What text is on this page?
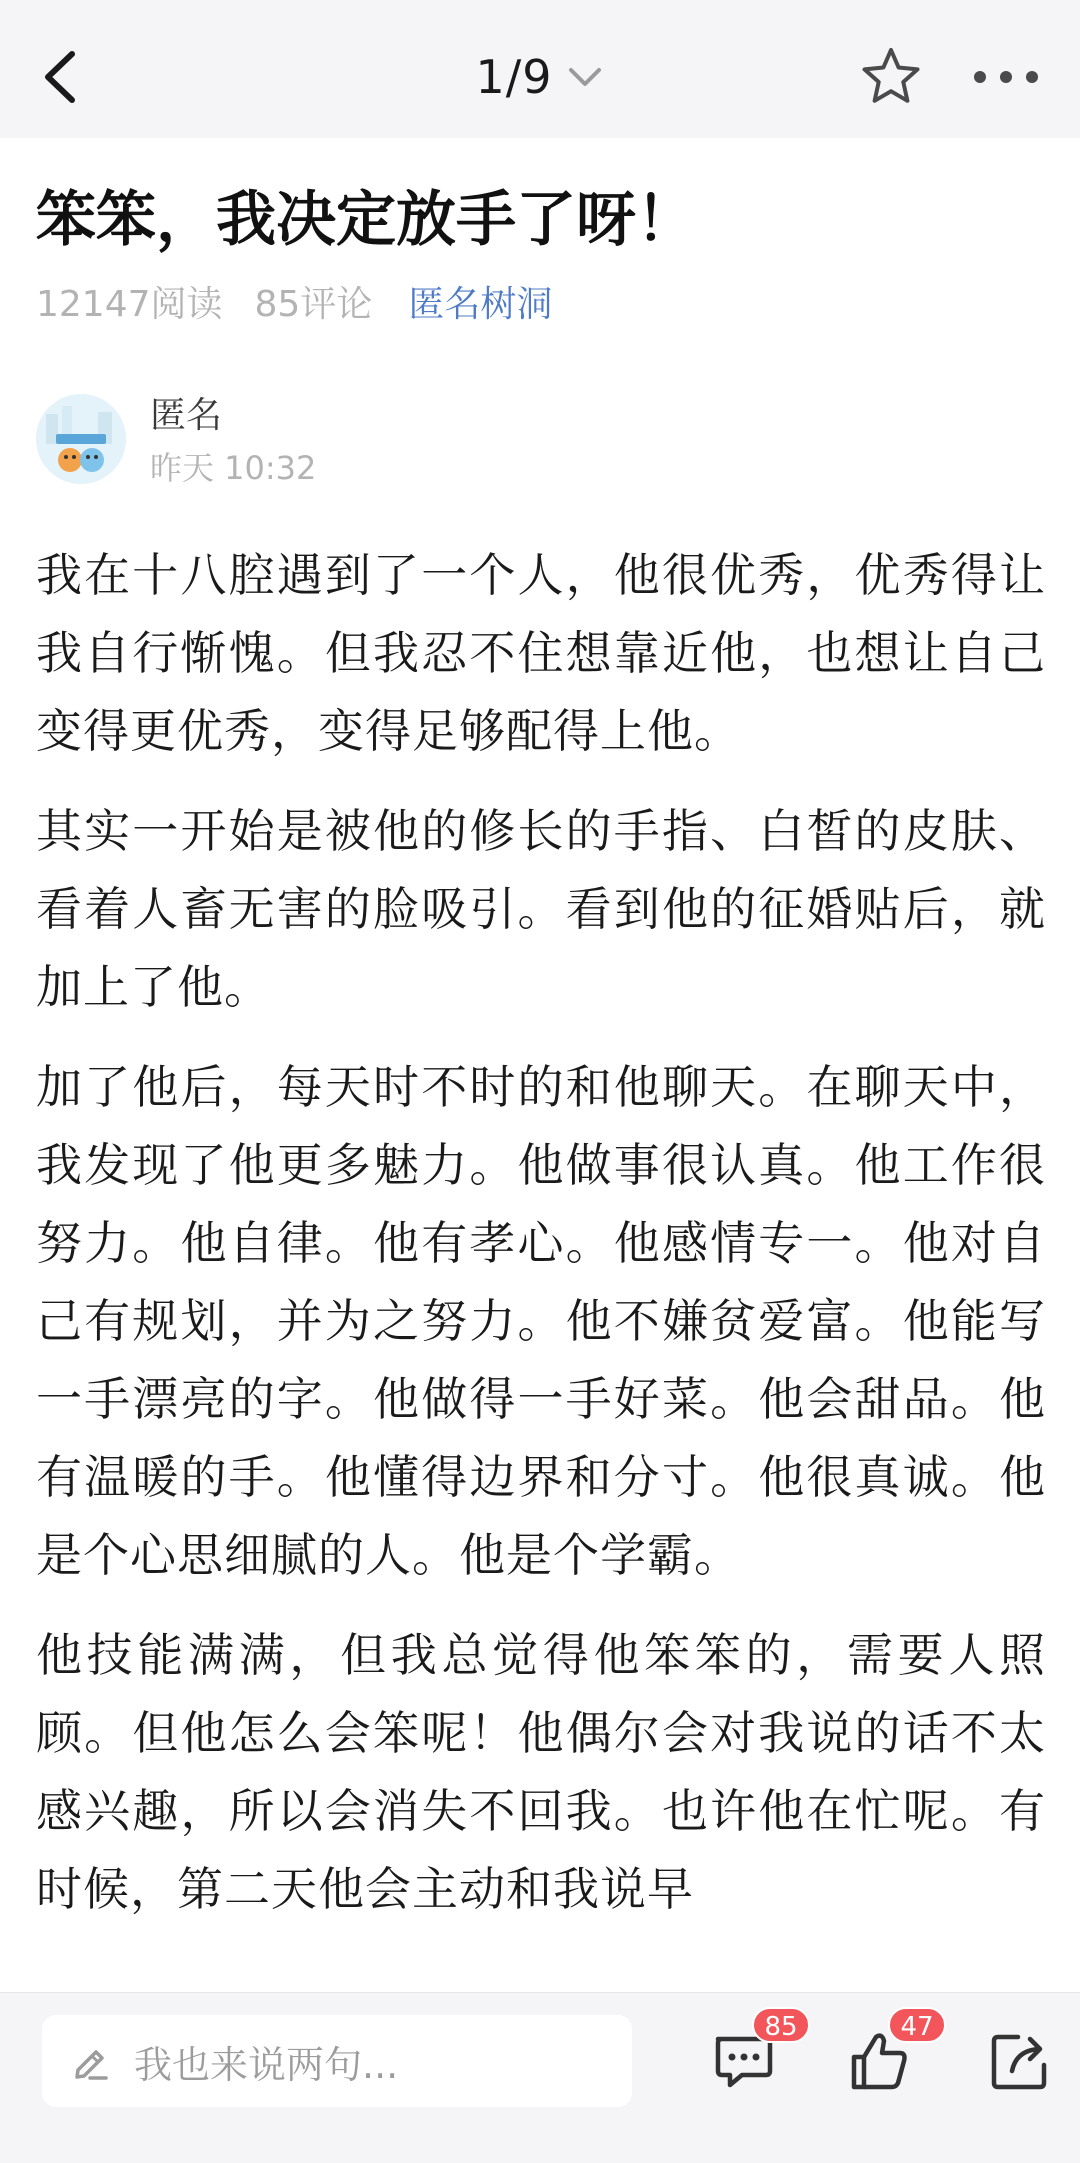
1/9
笨笨，我决定放手了呀！
12147阅读 85评论 匿名树洞
匿名
昨天 10:32

我在十八腔遇到了一个人，他很优秀，优秀得让我自行惭愧。但我忍不住想靠近他，也想让自己变得更优秀，变得足够配得上他。

其实一开始是被他的修长的手指、白皙的皮肤、看着人畜无害的脸吸引。看到他的征婚贴后，就加上了他。

加了他后，每天时不时的和他聊天。在聊天中，我发现了他更多魅力。他做事很认真。他工作很努力。他自律。他有孝心。他感情专一。他对自己有规划，并为之努力。他不嫌贫爱富。他能写一手漂亮的字。他做得一手好菜。他会甜品。他有温暖的手。他懂得边界和分寸。他很真诚。他是个心思细腻的人。他是个学霸。

他技能满满，但我总觉得他笨笨的，需要人照顾。但他怎么会笨呢！他偶尔会对我说的话不太感兴趣，所以会消失不回我。也许他在忙呢。有时候，第二天他会主动和我说早

我也来说两句...
85	47
